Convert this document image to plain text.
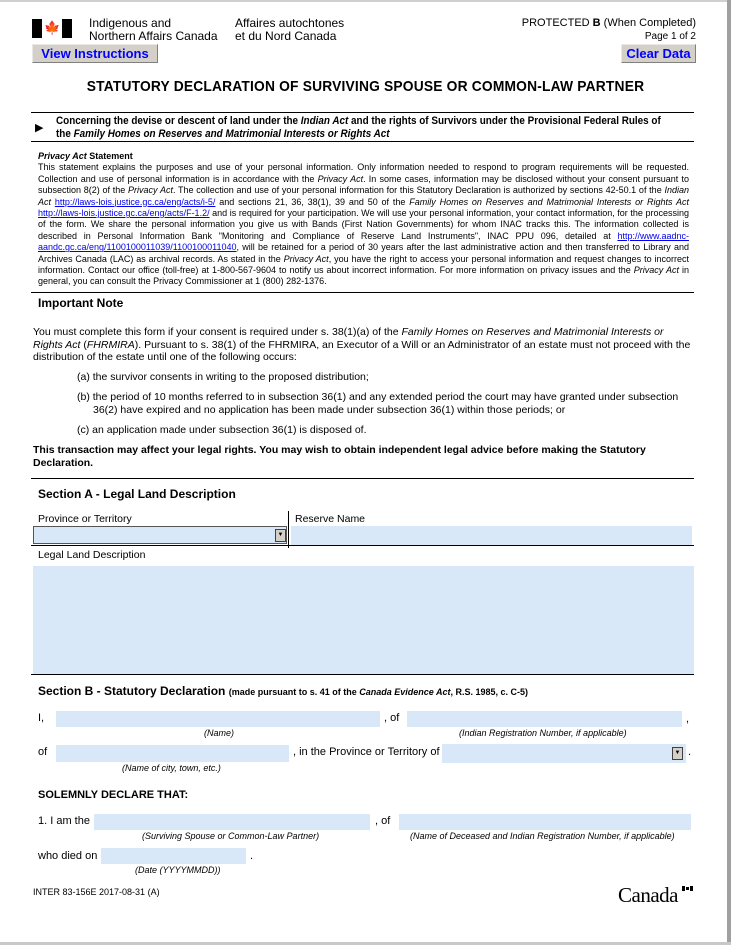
🍁 Indigenous and
Northern Affairs Canada
Affaires autochtones
et du Nord Canada
View Instructions
PROTECTED B (When Completed)
Page 1 of 2
Clear Data
STATUTORY DECLARATION OF SURVIVING SPOUSE OR COMMON-LAW PARTNER
▶
Concerning the devise or descent of land under the Indian Act and the rights of Survivors under the Provisional Federal Rules of the Family Homes on Reserves and Matrimonial Interests or Rights Act
Privacy Act Statement
This statement explains the purposes and use of your personal information. Only information needed to respond to program requirements will be requested. Collection and use of personal information is in accordance with the Privacy Act. In some cases, information may be disclosed without your consent pursuant to subsection 8(2) of the Privacy Act. The collection and use of your personal information for this Statutory Declaration is authorized by sections 42-50.1 of the Indian Act http://laws-lois.justice.gc.ca/eng/acts/i-5/ and sections 21, 36, 38(1), 39 and 50 of the Family Homes on Reserves and Matrimonial Interests or Rights Act http://laws-lois.justice.gc.ca/eng/acts/F-1.2/ and is required for your participation. We will use your personal information, your contact information, for the processing of the form. We share the personal information you give us with Bands (First Nation Governments) for whom INAC tracks this. The information collected is described in Personal Information Bank "Monitoring and Compliance of Reserve Land Instruments", INAC PPU 096, detailed at http://www.aadnc-aandc.gc.ca/eng/1100100011039/1100100011040, will be retained for a period of 30 years after the last administrative action and then transferred to Library and Archives Canada (LAC) as archival records. As stated in the Privacy Act, you have the right to access your personal information and request changes to incorrect information. Contact our office (toll-free) at 1-800-567-9604 to notify us about incorrect information. For more information on privacy issues and the Privacy Act in general, you can consult the Privacy Commissioner at 1 (800) 282-1376.
Important Note
You must complete this form if your consent is required under s. 38(1)(a) of the Family Homes on Reserves and Matrimonial Interests or Rights Act (FHRMIRA). Pursuant to s. 38(1) of the FHRMIRA, an Executor of a Will or an Administrator of an estate must not proceed with the distribution of the estate until one of the following occurs:
(a) the survivor consents in writing to the proposed distribution;
(b) the period of 10 months referred to in subsection 36(1) and any extended period the court may have granted under subsection 36(2) have expired and no application has been made under subsection 36(1) within those periods; or
(c) an application made under subsection 36(1) is disposed of.
This transaction may affect your legal rights. You may wish to obtain independent legal advice before making the Statutory Declaration.
Section A - Legal Land Description
Province or Territory	Reserve Name
▼
Legal Land Description
Section B - Statutory Declaration (made pursuant to s. 41 of the Canada Evidence Act, R.S. 1985, c. C-5)
I,	, of	,
(Name)	(Indian Registration Number, if applicable)
of	, in the Province or Territory of	▼ .
(Name of city, town, etc.)
SOLEMNLY DECLARE THAT:
1. I am the	, of
(Surviving Spouse or Common-Law Partner)	(Name of Deceased and Indian Registration Number, if applicable)
who died on	.
(Date (YYYYMMDD))
INTER 83-156E 2017-08-31 (A)	Canada
